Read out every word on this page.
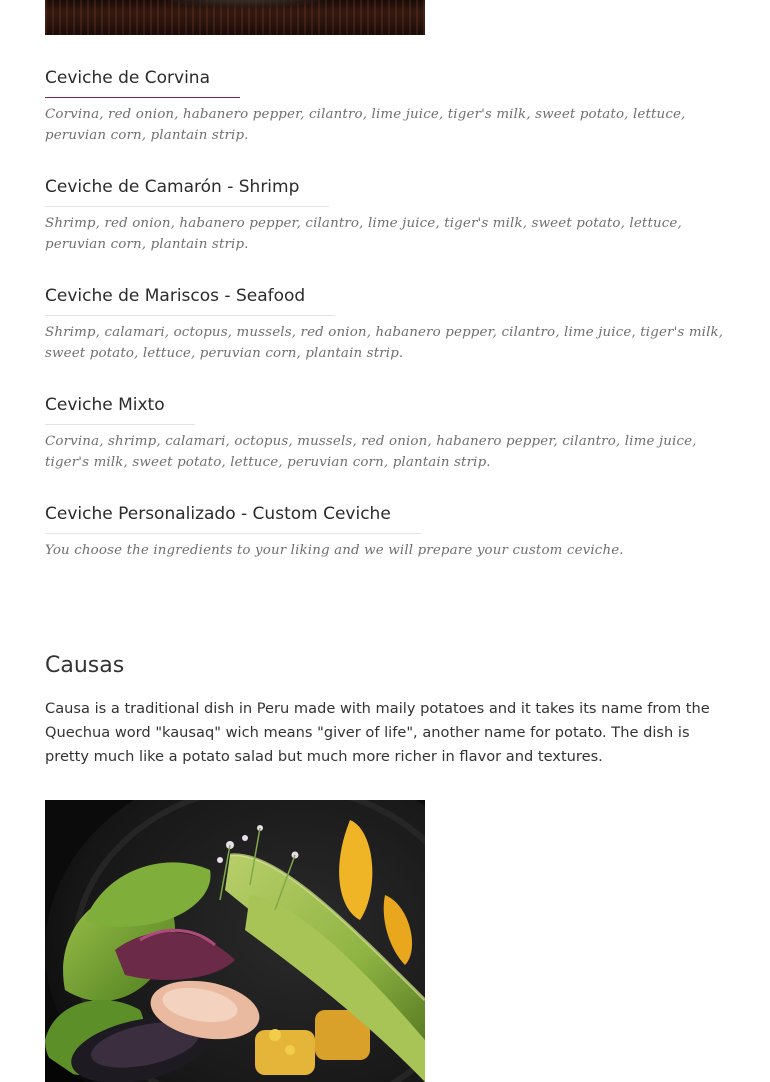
Ceviche de Corvina
Corvina, red onion, habanero pepper, cilantro, lime juice, tiger's milk, sweet potato, lettuce, peruvian corn, plantain strip.
Ceviche de Camarón - Shrimp
Shrimp, red onion, habanero pepper, cilantro, lime juice, tiger's milk, sweet potato, lettuce, peruvian corn, plantain strip.
Ceviche de Mariscos - Seafood
Shrimp, calamari, octopus, mussels, red onion, habanero pepper, cilantro, lime juice, tiger's milk, sweet potato, lettuce, peruvian corn, plantain strip.
Ceviche Mixto
Corvina, shrimp, calamari, octopus, mussels, red onion, habanero pepper, cilantro, lime juice, tiger's milk, sweet potato, lettuce, peruvian corn, plantain strip.
Ceviche Personalizado - Custom Ceviche
You choose the ingredients to your liking and we will prepare your custom ceviche.
Causas

Causa is a traditional dish in Peru made with maily potatoes and it takes its name from the Quechua word "kausaq" wich means "giver of life", another name for potato. The dish is pretty much like a potato salad but much more richer in flavor and textures.
